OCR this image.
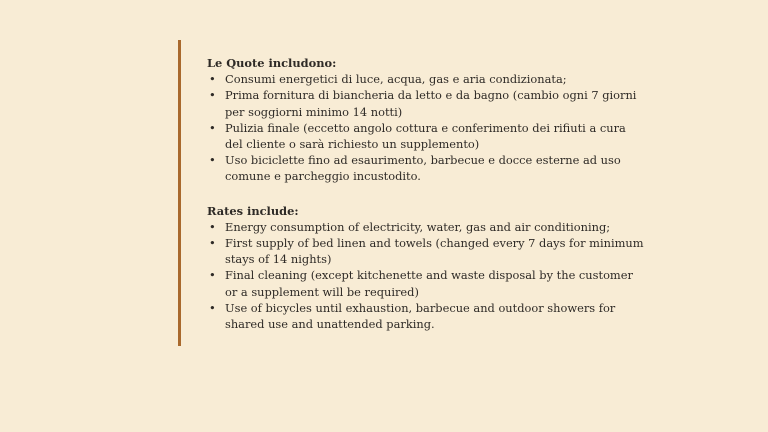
Le Quote includono:

• Consumi energetici di luce, acqua, gas e aria condizionata;
• Prima fornitura di biancheria da letto e da bagno (cambio ogni 7 giorni per soggiorni minimo 14 notti)
• Pulizia finale (eccetto angolo cottura e conferimento dei rifiuti a cura del cliente o sarà richiesto un supplemento)
• Uso biciclette fino ad esaurimento, barbecue e docce esterne ad uso comune e parcheggio incustodito.

Rates include:

• Energy consumption of electricity, water, gas and air conditioning;
• First supply of bed linen and towels (changed every 7 days for minimum stays of 14 nights)
• Final cleaning (except kitchenette and waste disposal by the customer or a supplement will be required)
• Use of bicycles until exhaustion, barbecue and outdoor showers for shared use and unattended parking.
